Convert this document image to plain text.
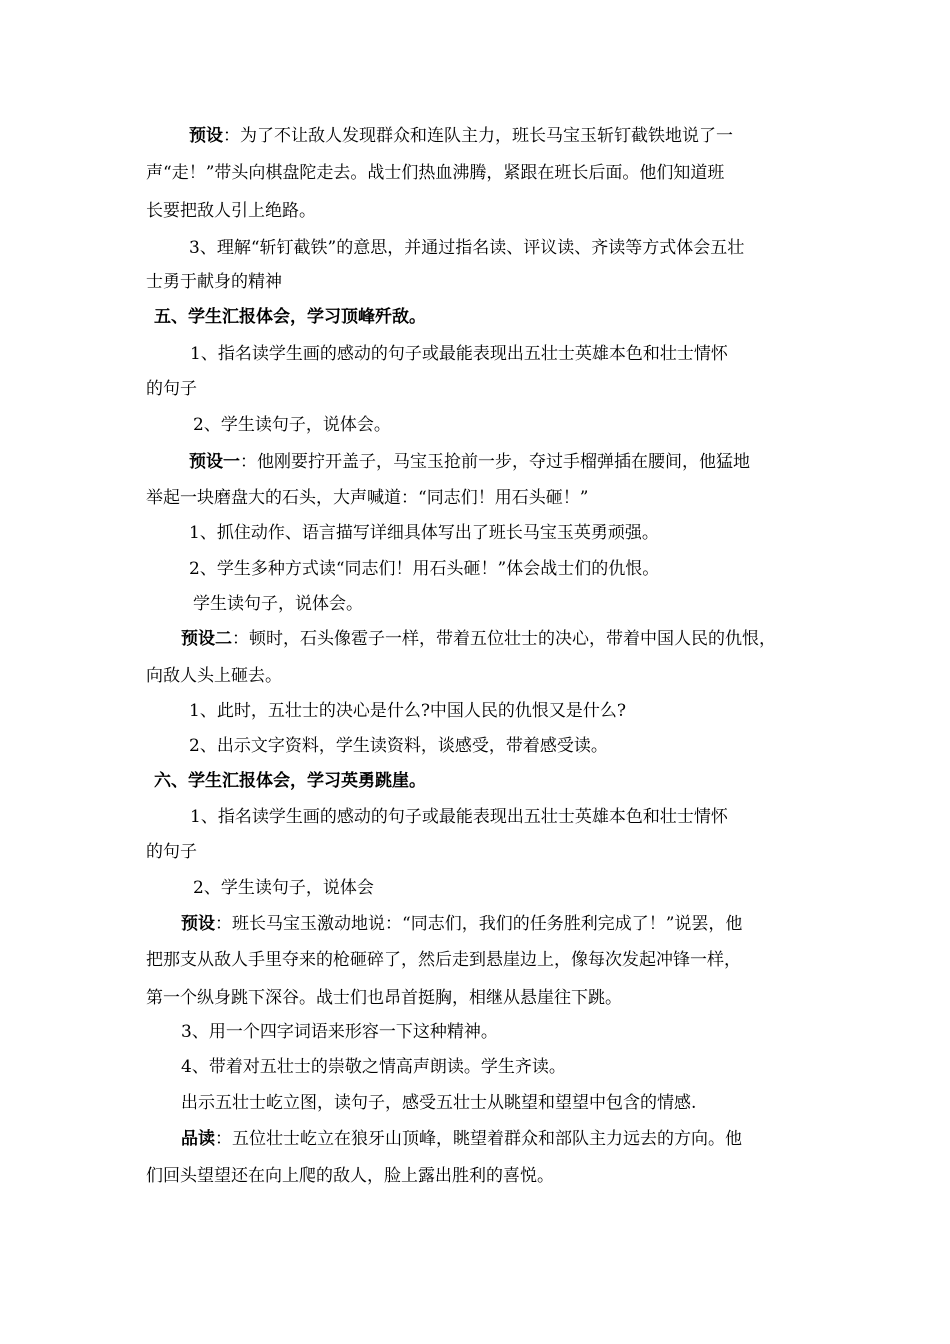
预设：为了不让敌人发现群众和连队主力，班长马宝玉斩钉截铁地说了一
声“走！”带头向棋盘陀走去。战士们热血沸腾，紧跟在班长后面。他们知道班
长要把敌人引上绝路。
3、理解“斩钉截铁”的意思，并通过指名读、评议读、齐读等方式体会五壮
士勇于献身的精神
五、学生汇报体会，学习顶峰歼敌。
1、指名读学生画的感动的句子或最能表现出五壮士英雄本色和壮士情怀
的句子
2、学生读句子，说体会。
预设一：他刚要拧开盖子，马宝玉抢前一步，夺过手榴弹插在腰间，他猛地
举起一块磨盘大的石头，大声喊道：“同志们！用石头砸！”
1、抓住动作、语言描写详细具体写出了班长马宝玉英勇顽强。
2、学生多种方式读“同志们！用石头砸！”体会战士们的仇恨。
学生读句子，说体会。
预设二：顿时，石头像雹子一样，带着五位壮士的决心，带着中国人民的仇恨，
向敌人头上砸去。
1、此时，五壮士的决心是什么?中国人民的仇恨又是什么?
2、出示文字资料，学生读资料，谈感受，带着感受读。
六、学生汇报体会，学习英勇跳崖。
1、指名读学生画的感动的句子或最能表现出五壮士英雄本色和壮士情怀
的句子
2、学生读句子，说体会
预设：班长马宝玉激动地说：“同志们，我们的任务胜利完成了！”说罢，他
把那支从敌人手里夺来的枪砸碎了，然后走到悬崖边上，像每次发起冲锋一样，
第一个纵身跳下深谷。战士们也昂首挺胸，相继从悬崖往下跳。
3、用一个四字词语来形容一下这种精神。
4、带着对五壮士的崇敬之情高声朗读。学生齐读。
出示五壮士屹立图，读句子，感受五壮士从眺望和望望中包含的情感.
品读：五位壮士屹立在狼牙山顶峰，眺望着群众和部队主力远去的方向。他
们回头望望还在向上爬的敌人，脸上露出胜利的喜悦。
